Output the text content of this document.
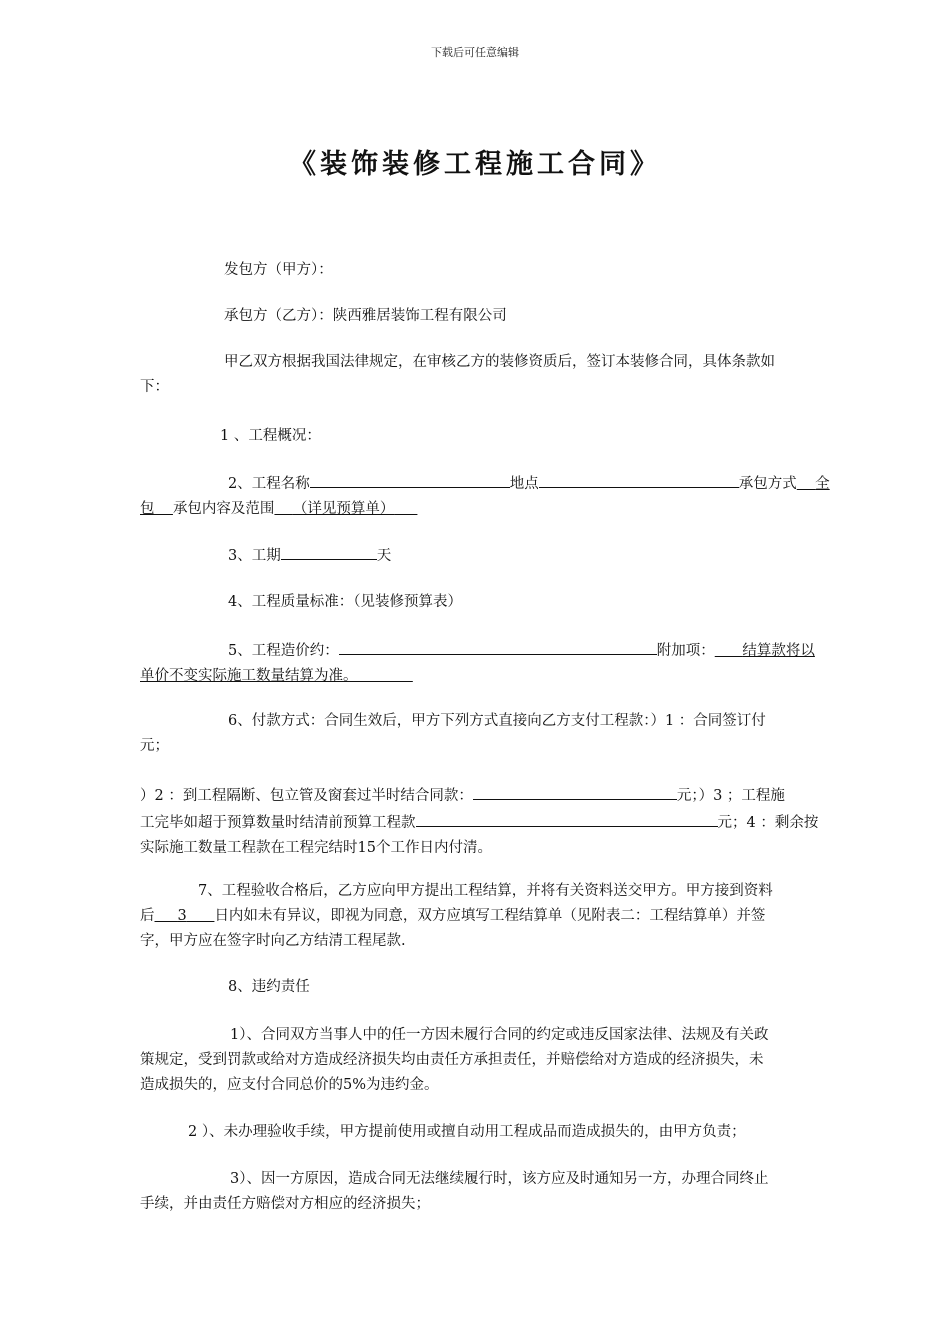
下载后可任意编辑
《装饰装修工程施工合同》
发包方（甲方）：
承包方（乙方）：陕西雅居装饰工程有限公司
甲乙双方根据我国法律规定，在审核乙方的装修资质后，签订本装修合同，具体条款如
下：
1 、工程概况：
2、工程名称	地点	承包方式 全
包 承包内容及范围 （详见预算单）
3、工期	天
4、工程质量标准：（见装修预算表）
5、工程造价约：	附加项： 结算款将以
单价不变实际施工数量结算为准。
6、付款方式：合同生效后，甲方下列方式直接向乙方支付工程款：）1 ：合同签订付
元；
）2 ：到工程隔断、包立管及窗套过半时结合同款：	元；）3 ；工程施
工完毕如超于预算数量时结清前预算工程款	元；4 ：剩余按
实际施工数量工程款在工程完结时15个工作日内付清。
7、工程验收合格后，乙方应向甲方提出工程结算，并将有关资料送交甲方。甲方接到资料
后 3 日内如未有异议，即视为同意，双方应填写工程结算单（见附表二：工程结算单）并签
字，甲方应在签字时向乙方结清工程尾款.
8、违约责任
1）、合同双方当事人中的任一方因未履行合同的约定或违反国家法律、法规及有关政
策规定，受到罚款或给对方造成经济损失均由责任方承担责任，并赔偿给对方造成的经济损失，未
造成损失的，应支付合同总价的5%为违约金。
2 ）、未办理验收手续，甲方提前使用或擅自动用工程成品而造成损失的，由甲方负责；
3）、因一方原因，造成合同无法继续履行时，该方应及时通知另一方，办理合同终止
手续，并由责任方赔偿对方相应的经济损失；
